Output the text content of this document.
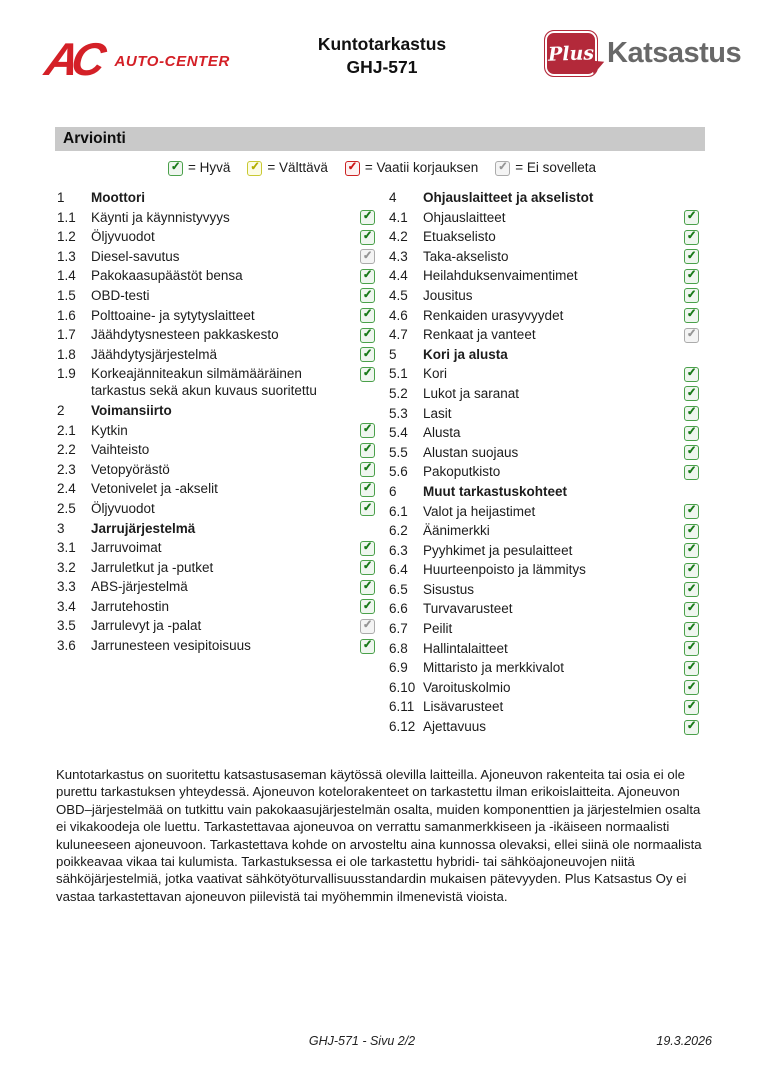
AC AUTO-CENTER
Kuntotarkastus
GHJ-571
Plus Katsastus
Arviointi
✓ = Hyvä ✓ = Välttävä ✓ = Vaatii korjauksen ✓ = Ei sovelleta
1	Moottori
1.1	Käynti ja käynnistyvyys	✓
1.2	Öljyvuodot	✓
1.3	Diesel-savutus	✓
1.4	Pakokaasupäästöt bensa	✓
1.5	OBD-testi	✓
1.6	Polttoaine- ja sytytyslaitteet	✓
1.7	Jäähdytysnesteen pakkaskesto	✓
1.8	Jäähdytysjärjestelmä	✓
1.9	Korkeajänniteakun silmämääräinen tarkastus sekä akun kuvaus suoritettu
✓
2	Voimansiirto
2.1	Kytkin	✓
2.2	Vaihteisto	✓
2.3	Vetopyörästö	✓
2.4	Vetonivelet ja -akselit	✓
2.5	Öljyvuodot	✓
3	Jarrujärjestelmä
3.1	Jarruvoimat	✓
3.2	Jarruletkut ja -putket	✓
3.3	ABS-järjestelmä	✓
3.4	Jarrutehostin	✓
3.5	Jarrulevyt ja -palat	✓
3.6	Jarrunesteen vesipitoisuus	✓
4	Ohjauslaitteet ja akselistot
4.1	Ohjauslaitteet	✓
4.2	Etuakselisto	✓
4.3	Taka-akselisto	✓
4.4	Heilahduksenvaimentimet	✓
4.5	Jousitus	✓
4.6	Renkaiden urasyvyydet	✓
4.7	Renkaat ja vanteet	✓
5	Kori ja alusta
5.1	Kori	✓
5.2	Lukot ja saranat	✓
5.3	Lasit	✓
5.4	Alusta	✓
5.5	Alustan suojaus	✓
5.6	Pakoputkisto	✓
6	Muut tarkastuskohteet
6.1	Valot ja heijastimet	✓
6.2	Äänimerkki	✓
6.3	Pyyhkimet ja pesulaitteet	✓
6.4	Huurteenpoisto ja lämmitys	✓
6.5	Sisustus	✓
6.6	Turvavarusteet	✓
6.7	Peilit	✓
6.8	Hallintalaitteet	✓
6.9	Mittaristo ja merkkivalot	✓
6.10 Varoituskolmio	✓
6.11 Lisävarusteet	✓
6.12 Ajettavuus	✓
Kuntotarkastus on suoritettu katsastusaseman käytössä olevilla laitteilla. Ajoneuvon rakenteita tai osia ei ole purettu tarkastuksen yhteydessä. Ajoneuvon kotelorakenteet on tarkastettu ilman erikoislaitteita. Ajoneuvon OBD–järjestelmää on tutkittu vain pakokaasujärjestelmän osalta, muiden komponenttien ja järjestelmien osalta ei vikakoodeja ole luettu. Tarkastettavaa ajoneuvoa on verrattu samanmerkkiseen ja -ikäiseen normaalisti kuluneeseen ajoneuvoon. Tarkastettava kohde on arvosteltu aina kunnossa olevaksi, ellei siinä ole normaalista poikkeavaa vikaa tai kulumista. Tarkastuksessa ei ole tarkastettu hybridi- tai sähköajoneuvojen niitä sähköjärjestelmiä, jotka vaativat sähkötyöturvallisuusstandardin mukaisen pätevyyden. Plus Katsastus Oy ei vastaa tarkastettavan ajoneuvon piilevistä tai myöhemmin ilmenevistä vioista.
GHJ-571 - Sivu 2/2	19.3.2026
